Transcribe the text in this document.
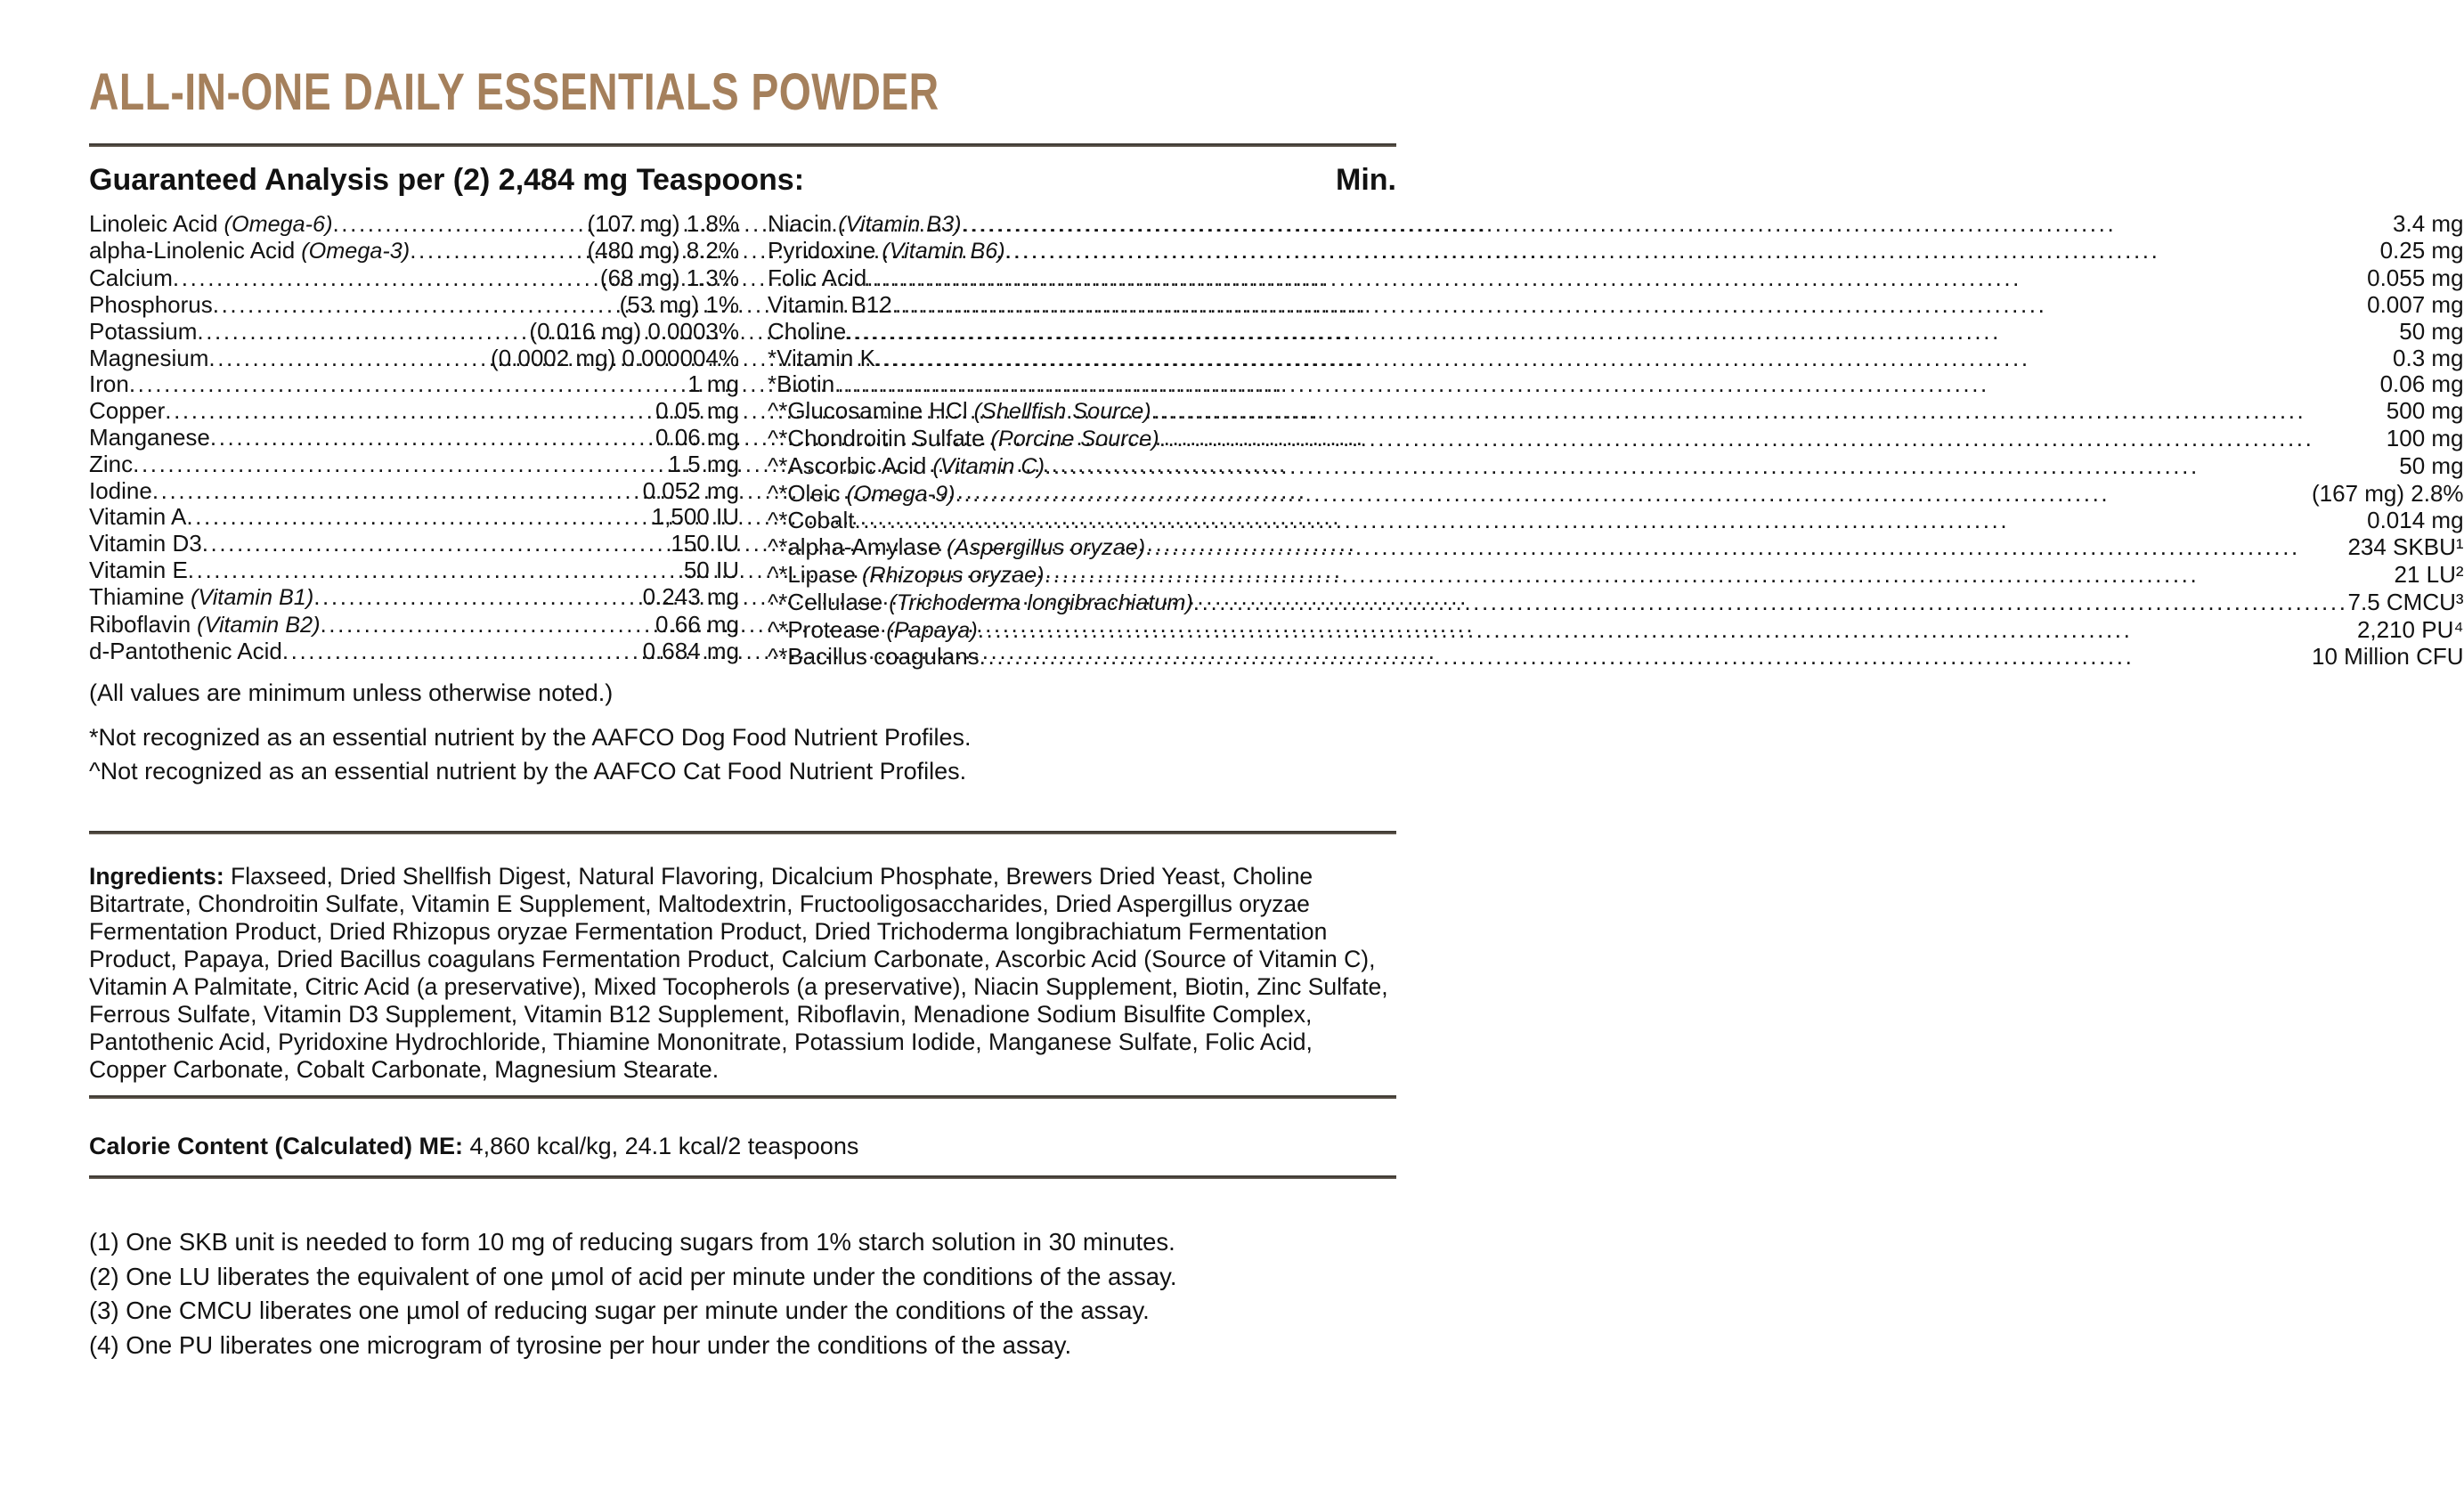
ALL-IN-ONE DAILY ESSENTIALS POWDER
Guaranteed Analysis per (2) 2,484 mg Teaspoons:	Min.
Linoleic Acid (Omega-6) .....	(107 mg) 1.8%
alpha-Linolenic Acid (Omega-3) .....	(480 mg) 8.2%
Calcium .....	(68 mg) 1.3%
Phosphorus .....	(53 mg) 1%
Potassium .....	(0.016 mg) 0.0003%
Magnesium .....	(0.0002 mg) 0.000004%
Iron .....	1 mg
Copper .....	0.05 mg
Manganese .....	0.06 mg
Zinc .....	1.5 mg
Iodine .....	0.052 mg
Vitamin A .....	1,500 IU
Vitamin D3 .....	150 IU
Vitamin E .....	50 IU
Thiamine (Vitamin B1) .....	0.243 mg
Riboflavin (Vitamin B2) .....	0.66 mg
d-Pantothenic Acid .....	0.684 mg
Niacin (Vitamin B3) .....	3.4 mg
Pyridoxine (Vitamin B6) .....	0.25 mg
Folic Acid .....	0.055 mg
Vitamin B12 .....	0.007 mg
Choline .....	50 mg
*Vitamin K .....	0.3 mg
*Biotin .....	0.06 mg
^*Glucosamine HCl (Shellfish Source) .....	500 mg
^*Chondroitin Sulfate (Porcine Source) .....	100 mg
^*Ascorbic Acid (Vitamin C) .....	50 mg
^*Oleic (Omega-9) .....	(167 mg) 2.8%
^*Cobalt .....	0.014 mg
^*alpha-Amylase (Aspergillus oryzae) .....	234 SKBU¹
^*Lipase (Rhizopus oryzae) .....	21 LU²
^*Cellulase (Trichoderma longibrachiatum) .....	7.5 CMCU³
^*Protease (Papaya) .....	2,210 PU⁴
^*Bacillus coagulans .....	10 Million CFU
(All values are minimum unless otherwise noted.)
*Not recognized as an essential nutrient by the AAFCO Dog Food Nutrient Profiles.
^Not recognized as an essential nutrient by the AAFCO Cat Food Nutrient Profiles.

Ingredients: Flaxseed, Dried Shellfish Digest, Natural Flavoring, Dicalcium Phosphate, Brewers Dried Yeast, Choline Bitartrate, Chondroitin Sulfate, Vitamin E Supplement, Maltodextrin, Fructooligosaccharides, Dried Aspergillus oryzae Fermentation Product, Dried Rhizopus oryzae Fermentation Product, Dried Trichoderma longibrachiatum Fermentation Product, Papaya, Dried Bacillus coagulans Fermentation Product, Calcium Carbonate, Ascorbic Acid (Source of Vitamin C), Vitamin A Palmitate, Citric Acid (a preservative), Mixed Tocopherols (a preservative), Niacin Supplement, Biotin, Zinc Sulfate, Ferrous Sulfate, Vitamin D3 Supplement, Vitamin B12 Supplement, Riboflavin, Menadione Sodium Bisulfite Complex, Pantothenic Acid, Pyridoxine Hydrochloride, Thiamine Mononitrate, Potassium Iodide, Manganese Sulfate, Folic Acid, Copper Carbonate, Cobalt Carbonate, Magnesium Stearate.

Calorie Content (Calculated) ME: 4,860 kcal/kg, 24.1 kcal/2 teaspoons

(1) One SKB unit is needed to form 10 mg of reducing sugars from 1% starch solution in 30 minutes.
(2) One LU liberates the equivalent of one µmol of acid per minute under the conditions of the assay.
(3) One CMCU liberates one µmol of reducing sugar per minute under the conditions of the assay.
(4) One PU liberates one microgram of tyrosine per hour under the conditions of the assay.
